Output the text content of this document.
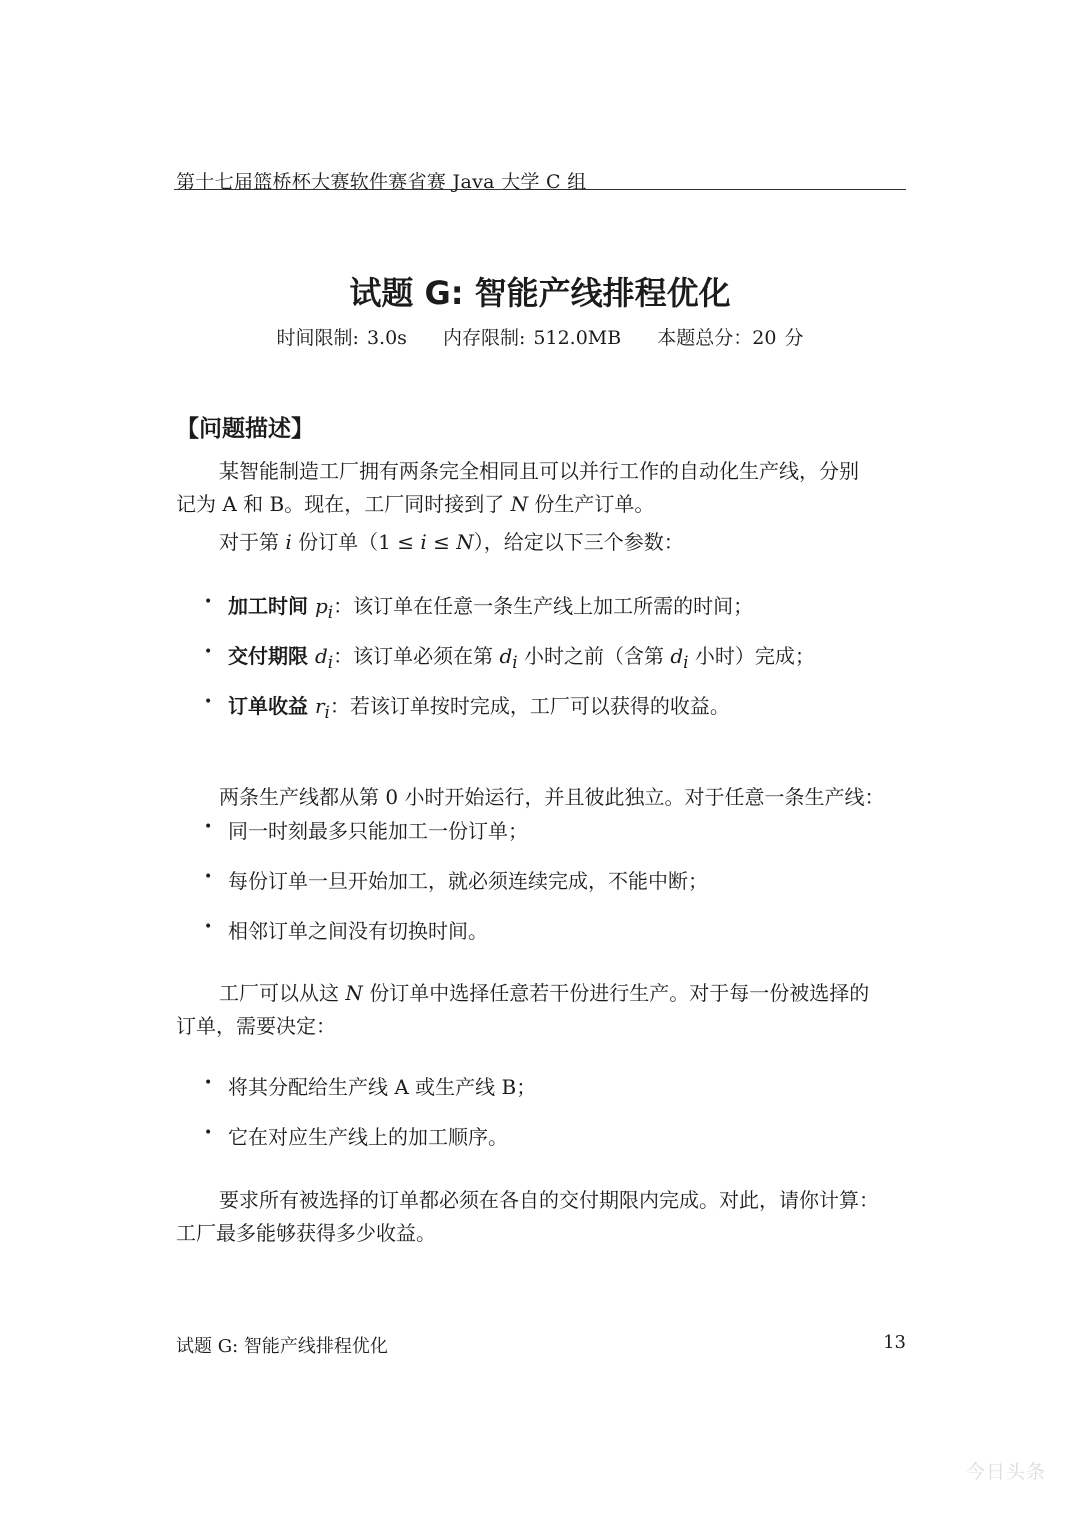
第十七届篮桥杯大赛软件赛省赛 Java 大学 C 组
试题 G: 智能产线排程优化
时间限制: 3.0s 内存限制: 512.0MB 本题总分：20 分
【问题描述】
某智能制造工厂拥有两条完全相同且可以并行工作的自动化生产线，分别
记为 A 和 B。现在，工厂同时接到了 N 份生产订单。
对于第 i 份订单（1 ≤ i ≤ N），给定以下三个参数：
• 加工时间 $p_i$：该订单在任意一条生产线上加工所需的时间；
• 交付期限 $d_i$：该订单必须在第 $d_i$ 小时之前（含第 $d_i$ 小时）完成；
• 订单收益 $r_i$：若该订单按时完成，工厂可以获得的收益。
两条生产线都从第 0 小时开始运行，并且彼此独立。对于任意一条生产线：
• 同一时刻最多只能加工一份订单；
• 每份订单一旦开始加工，就必须连续完成，不能中断；
• 相邻订单之间没有切换时间。
工厂可以从这 N 份订单中选择任意若干份进行生产。对于每一份被选择的
订单，需要决定：
• 将其分配给生产线 A 或生产线 B；
• 它在对应生产线上的加工顺序。
要求所有被选择的订单都必须在各自的交付期限内完成。对此，请你计算：
工厂最多能够获得多少收益。
试题 G: 智能产线排程优化	13
今日头条
